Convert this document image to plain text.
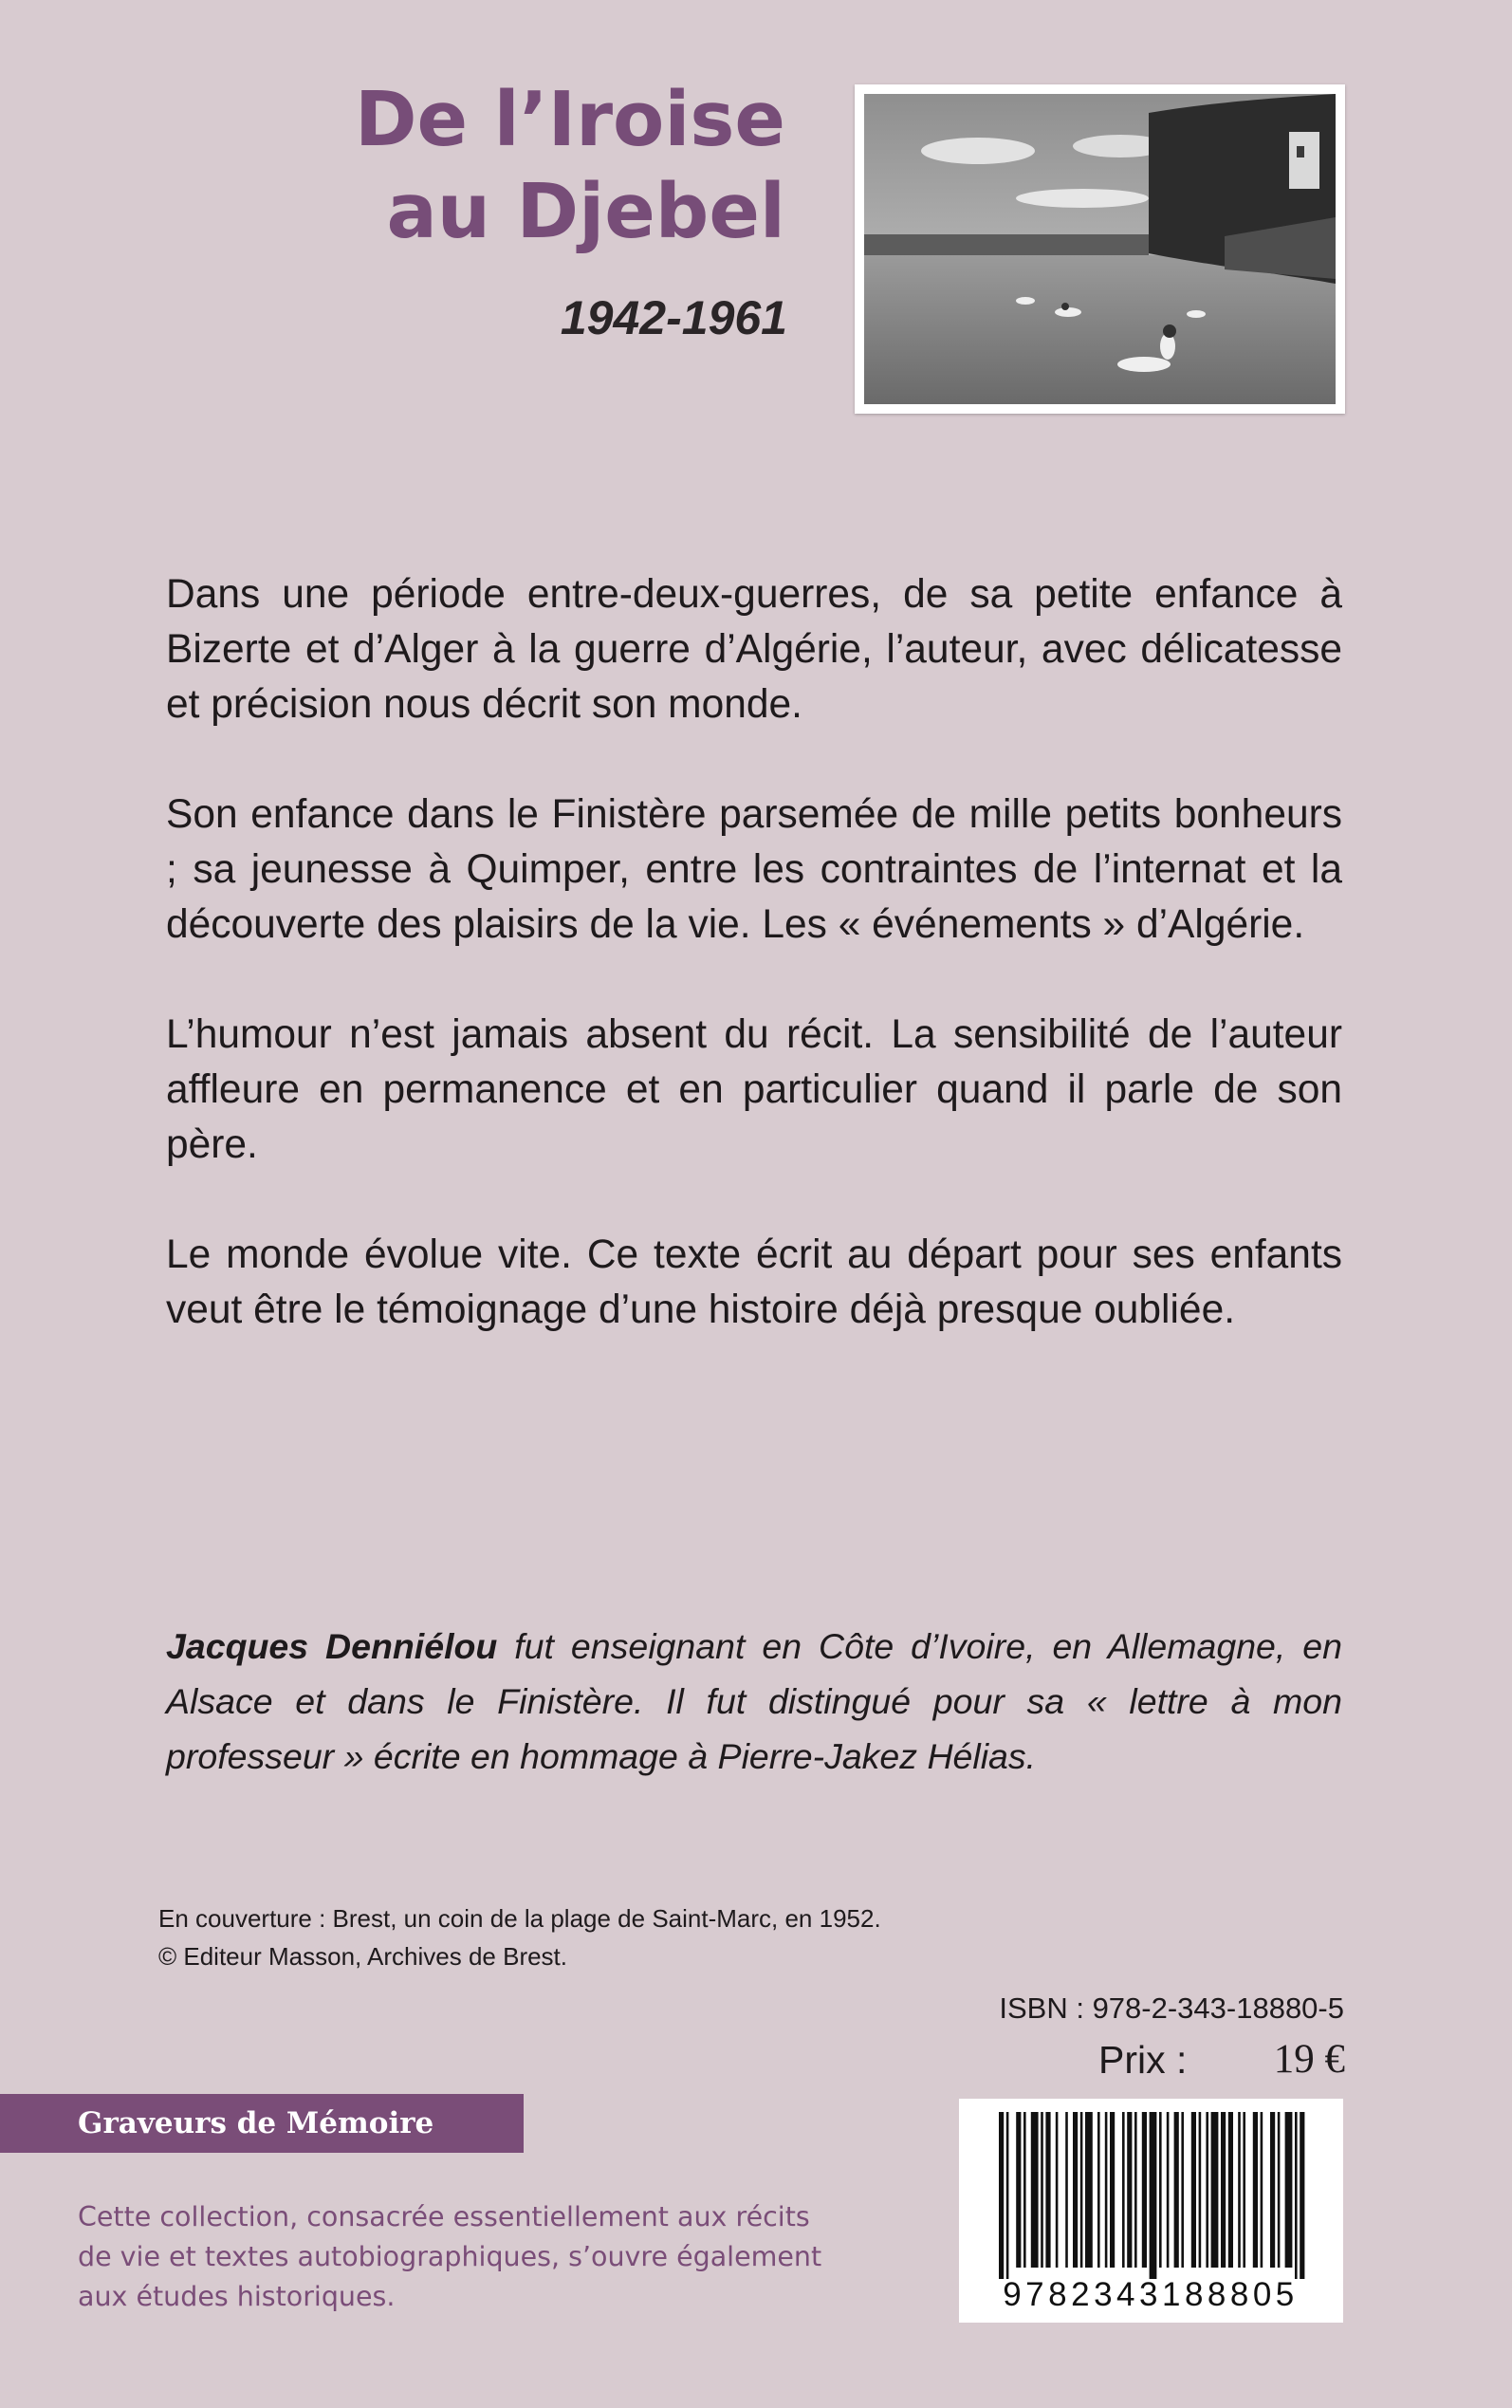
De l’Iroise
au Djebel
1942-1961

Dans une période entre-deux-guerres, de sa petite enfance à Bizerte et d’Alger à la guerre d’Algérie, l’auteur, avec délicatesse et précision nous décrit son monde.

Son enfance dans le Finistère parsemée de mille petits bonheurs ; sa jeunesse à Quimper, entre les contraintes de l’internat et la découverte des plaisirs de la vie. Les « événements » d’Algérie.

L’humour n’est jamais absent du récit. La sensibilité de l’auteur affleure en permanence et en particulier quand il parle de son père.

Le monde évolue vite. Ce texte écrit au départ pour ses enfants veut être le témoignage d’une histoire déjà presque oubliée.

Jacques Denniélou fut enseignant en Côte d’Ivoire, en Allemagne, en Alsace et dans le Finistère. Il fut distingué pour sa « lettre à mon professeur » écrite en hommage à Pierre-Jakez Hélias.

En couverture : Brest, un coin de la plage de Saint-Marc, en 1952.
© Editeur Masson, Archives de Brest.
ISBN : 978-2-343-18880-5
Prix : 19 €
9782343188805
Graveurs de Mémoire
Cette collection, consacrée essentiellement aux récits
de vie et textes autobiographiques, s’ouvre également
aux études historiques.
